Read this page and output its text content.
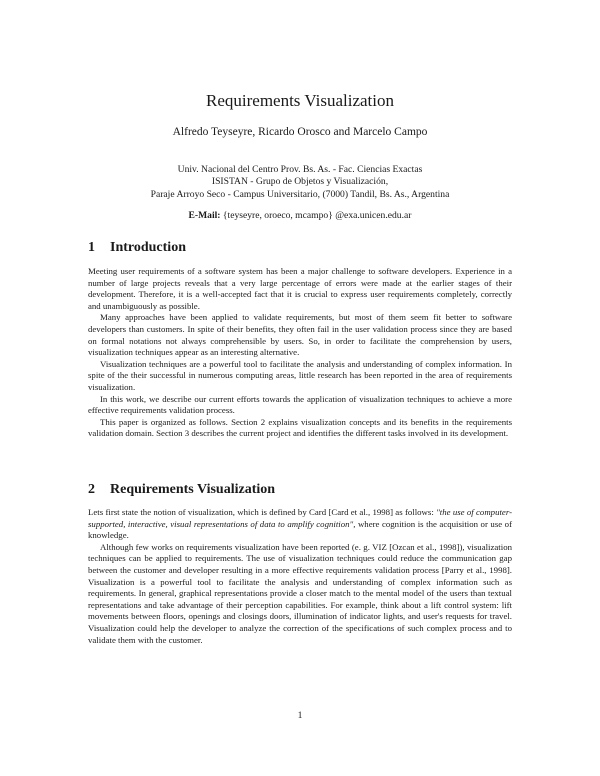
Requirements Visualization
Alfredo Teyseyre, Ricardo Orosco and Marcelo Campo
Univ. Nacional del Centro Prov. Bs. As. - Fac. Ciencias Exactas
ISISTAN - Grupo de Objetos y Visualización,
Paraje Arroyo Seco - Campus Universitario, (7000) Tandil, Bs. As., Argentina
E-Mail: {teyseyre, oroeco, mcampo} @exa.unicen.edu.ar
1 Introduction

Meeting user requirements of a software system has been a major challenge to software developers. Experience in a number of large projects reveals that a very large percentage of errors were made at the earlier stages of their development. Therefore, it is a well-accepted fact that it is crucial to express user requirements completely, correctly and unambiguously as possible.

Many approaches have been applied to validate requirements, but most of them seem fit better to software developers than customers. In spite of their benefits, they often fail in the user validation process since they are based on formal notations not always comprehensible by users. So, in order to facilitate the comprehension by users, visualization techniques appear as an interesting alternative.

Visualization techniques are a powerful tool to facilitate the analysis and understanding of complex information. In spite of the their successful in numerous computing areas, little research has been reported in the area of requirements visualization.

In this work, we describe our current efforts towards the application of visualization techniques to achieve a more effective requirements validation process.

This paper is organized as follows. Section 2 explains visualization concepts and its benefits in the requirements validation domain. Section 3 describes the current project and identifies the different tasks involved in its development.

2 Requirements Visualization

Lets first state the notion of visualization, which is defined by Card [Card et al., 1998] as follows: "the use of computer-supported, interactive, visual representations of data to amplify cognition", where cognition is the acquisition or use of knowledge.

Although few works on requirements visualization have been reported (e. g. VIZ [Ozcan et al., 1998]), visualization techniques can be applied to requirements. The use of visualization techniques could reduce the communication gap between the customer and developer resulting in a more effective requirements validation process [Parry et al., 1998]. Visualization is a powerful tool to facilitate the analysis and understanding of complex information such as requirements. In general, graphical representations provide a closer match to the mental model of the users than textual representations and take advantage of their perception capabilities. For example, think about a lift control system: lift movements between floors, openings and closings doors, illumination of indicator lights, and user's requests for travel. Visualization could help the developer to analyze the correction of the specifications of such complex process and to validate them with the customer.

1
